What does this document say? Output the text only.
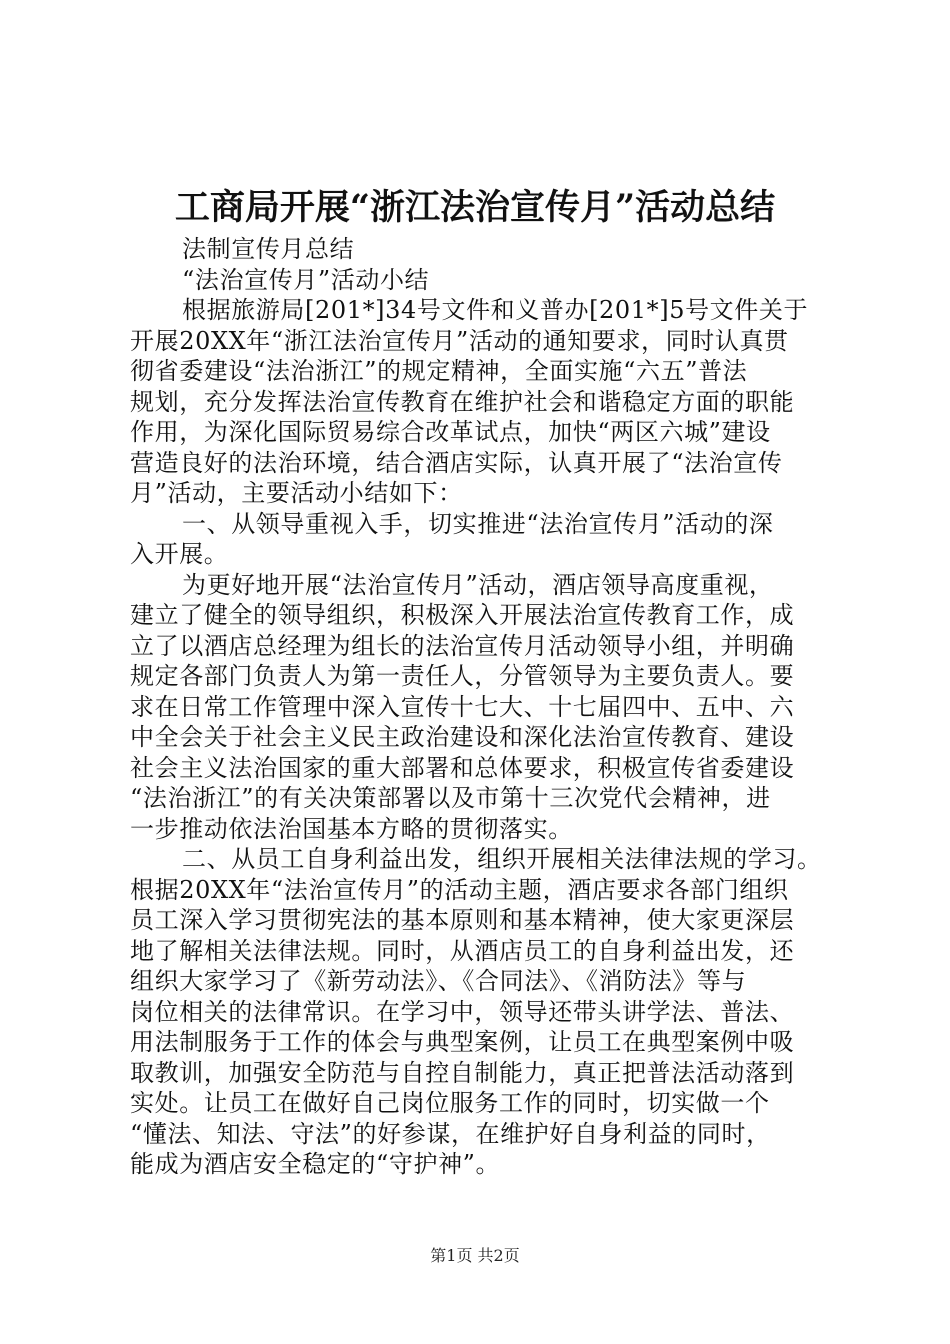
工商局开展“浙江法治宣传月”活动总结
法制宣传月总结
“法治宣传月”活动小结
根据旅游局[201*]34号文件和义普办[201*]5号文件关于
开展20XX年“浙江法治宣传月”活动的通知要求，同时认真贯
彻省委建设“法治浙江”的规定精神，全面实施“六五”普法
规划，充分发挥法治宣传教育在维护社会和谐稳定方面的职能
作用，为深化国际贸易综合改革试点，加快“两区六城”建设
营造良好的法治环境，结合酒店实际，认真开展了“法治宣传
月”活动，主要活动小结如下：
一、从领导重视入手，切实推进“法治宣传月”活动的深
入开展。
为更好地开展“法治宣传月”活动，酒店领导高度重视，
建立了健全的领导组织，积极深入开展法治宣传教育工作，成
立了以酒店总经理为组长的法治宣传月活动领导小组，并明确
规定各部门负责人为第一责任人，分管领导为主要负责人。要
求在日常工作管理中深入宣传十七大、十七届四中、五中、六
中全会关于社会主义民主政治建设和深化法治宣传教育、建设
社会主义法治国家的重大部署和总体要求，积极宣传省委建设
“法治浙江”的有关决策部署以及市第十三次党代会精神，进
一步推动依法治国基本方略的贯彻落实。
二、从员工自身利益出发，组织开展相关法律法规的学习。
根据20XX年“法治宣传月”的活动主题，酒店要求各部门组织
员工深入学习贯彻宪法的基本原则和基本精神，使大家更深层
地了解相关法律法规。同时，从酒店员工的自身利益出发，还
组织大家学习了《新劳动法》、《合同法》、《消防法》等与
岗位相关的法律常识。在学习中，领导还带头讲学法、普法、
用法制服务于工作的体会与典型案例，让员工在典型案例中吸
取教训，加强安全防范与自控自制能力，真正把普法活动落到
实处。让员工在做好自己岗位服务工作的同时，切实做一个
“懂法、知法、守法”的好参谋，在维护好自身利益的同时，
能成为酒店安全稳定的“守护神”。
第1页 共2页
